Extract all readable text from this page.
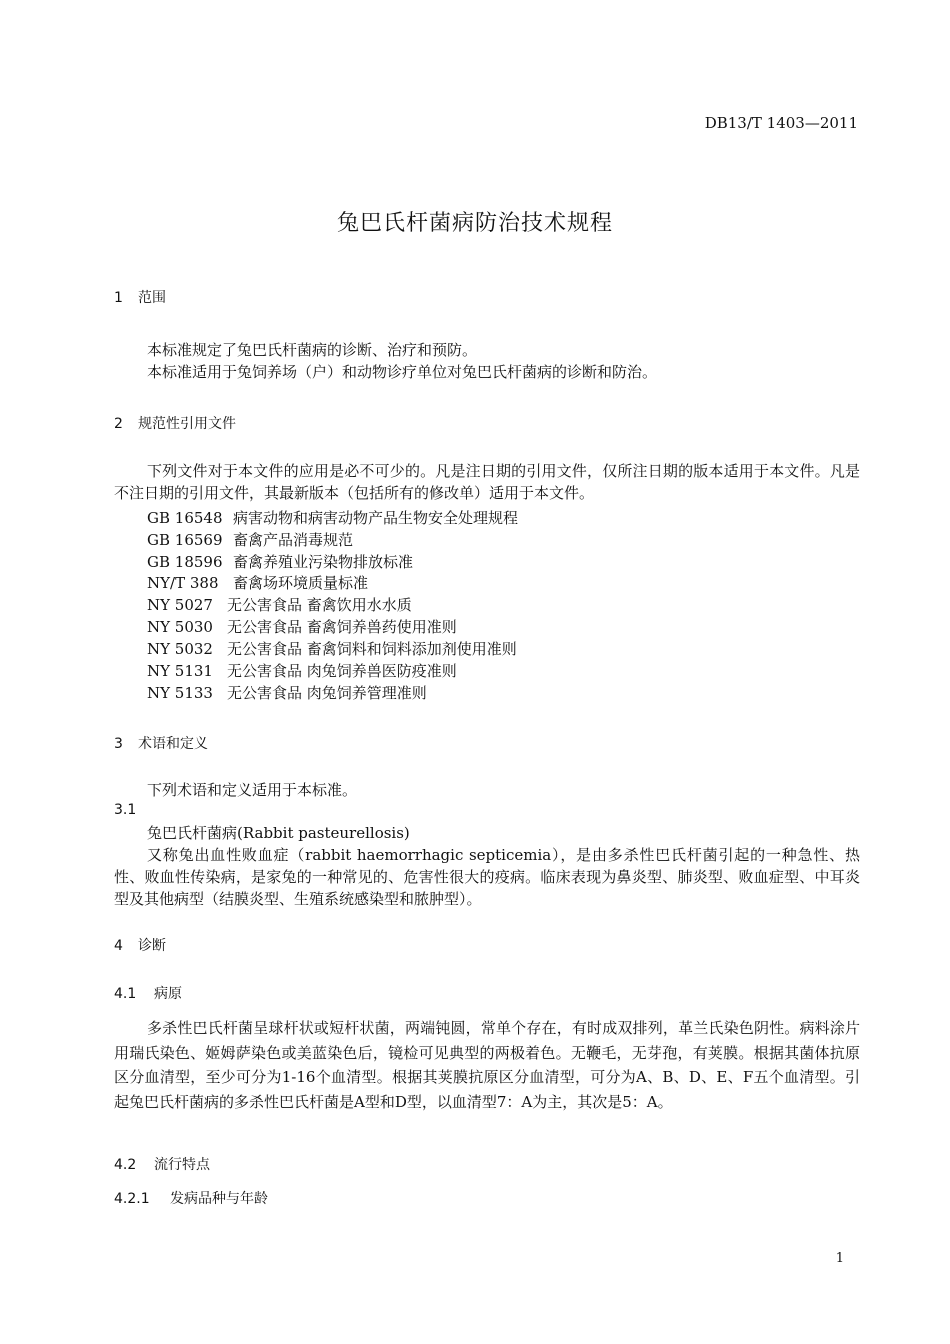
DB13/T 1403—2011
兔巴氏杆菌病防治技术规程
1 范围
本标准规定了兔巴氏杆菌病的诊断、治疗和预防。
本标准适用于兔饲养场（户）和动物诊疗单位对兔巴氏杆菌病的诊断和防治。
2 规范性引用文件
下列文件对于本文件的应用是必不可少的。凡是注日期的引用文件，仅所注日期的版本适用于本文件。凡是不注日期的引用文件，其最新版本（包括所有的修改单）适用于本文件。
GB 16548 病害动物和病害动物产品生物安全处理规程
GB 16569 畜禽产品消毒规范
GB 18596 畜禽养殖业污染物排放标准
NY/T 388 畜禽场环境质量标准
NY 5027 无公害食品 畜禽饮用水水质
NY 5030 无公害食品 畜禽饲养兽药使用准则
NY 5032 无公害食品 畜禽饲料和饲料添加剂使用准则
NY 5131 无公害食品 肉兔饲养兽医防疫准则
NY 5133 无公害食品 肉兔饲养管理准则
3 术语和定义
下列术语和定义适用于本标准。
3.1
兔巴氏杆菌病(Rabbit pasteurellosis)
又称兔出血性败血症（rabbit haemorrhagic septicemia），是由多杀性巴氏杆菌引起的一种急性、热性、败血性传染病，是家兔的一种常见的、危害性很大的疫病。临床表现为鼻炎型、肺炎型、败血症型、中耳炎型及其他病型（结膜炎型、生殖系统感染型和脓肿型）。
4 诊断
4.1 病原
多杀性巴氏杆菌呈球杆状或短杆状菌，两端钝圆，常单个存在，有时成双排列，革兰氏染色阴性。病料涂片用瑞氏染色、姬姆萨染色或美蓝染色后，镜检可见典型的两极着色。无鞭毛，无芽孢，有荚膜。根据其菌体抗原区分血清型，至少可分为1-16个血清型。根据其荚膜抗原区分血清型，可分为A、B、D、E、F五个血清型。引起兔巴氏杆菌病的多杀性巴氏杆菌是A型和D型，以血清型7：A为主，其次是5：A。
4.2 流行特点
4.2.1 发病品种与年龄
1
